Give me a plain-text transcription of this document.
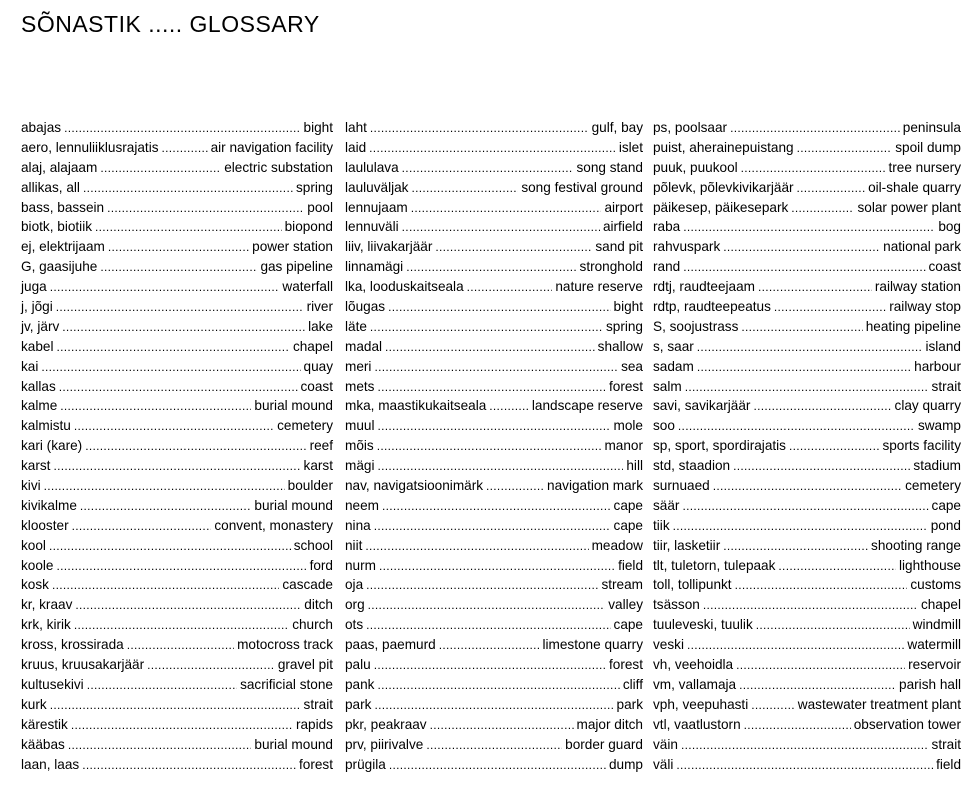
SÕNASTIK ..... GLOSSARY
abajas .....	bight
aero, lennuliiklusrajatis .....	air navigation facility
alaj, alajaam .....	electric substation
allikas, all .....	spring
bass, bassein .....	pool
biotk, biotiik .....	biopond
ej, elektrijaam .....	power station
G, gaasijuhe .....	gas pipeline
juga .....	waterfall
j, jõgi .....	river
jv, järv .....	lake
kabel .....	chapel
kai .....	quay
kallas .....	coast
kalme .....	burial mound
kalmistu .....	cemetery
kari (kare) .....	reef
karst .....	karst
kivi .....	boulder
kivikalme .....	burial mound
klooster .....	convent, monastery
kool .....	school
koole .....	ford
kosk .....	cascade
kr, kraav .....	ditch
krk, kirik .....	church
kross, krossirada .....	motocross track
kruus, kruusakarjäär .....	gravel pit
kultusekivi .....	sacrificial stone
kurk .....	strait
kärestik .....	rapids
kääbas .....	burial mound
laan, laas .....	forest
laht .....	gulf, bay
laid .....	islet
laululava .....	song stand
lauluväljak .....	song festival ground
lennujaam .....	airport
lennuväli .....	airfield
liiv, liivakarjäär .....	sand pit
linnamägi .....	stronghold
lka, looduskaitseala .....	nature reserve
lõugas .....	bight
läte .....	spring
madal .....	shallow
meri .....	sea
mets .....	forest
mka, maastikukaitseala .....	landscape reserve
muul .....	mole
mõis .....	manor
mägi .....	hill
nav, navigatsioonimärk .....	navigation mark
neem .....	cape
nina .....	cape
niit .....	meadow
nurm .....	field
oja .....	stream
org .....	valley
ots .....	cape
paas, paemurd .....	limestone quarry
palu .....	forest
pank .....	cliff
park .....	park
pkr, peakraav .....	major ditch
prv, piirivalve .....	border guard
prügila .....	dump
ps, poolsaar .....	peninsula
puist, aherainepuistang .....	spoil dump
puuk, puukool .....	tree nursery
põlevk, põlevkivikarjäär .....	oil-shale quarry
päikesep, päikesepark .....	solar power plant
raba .....	bog
rahvuspark .....	national park
rand .....	coast
rdtj, raudteejaam .....	railway station
rdtp, raudteepeatus .....	railway stop
S, soojustrass .....	heating pipeline
s, saar .....	island
sadam .....	harbour
salm .....	strait
savi, savikarjäär .....	clay quarry
soo .....	swamp
sp, sport, spordirajatis .....	sports facility
std, staadion .....	stadium
surnuaed .....	cemetery
säär .....	cape
tiik .....	pond
tiir, lasketiir .....	shooting range
tlt, tuletorn, tulepaak .....	lighthouse
toll, tollipunkt .....	customs
tsässon .....	chapel
tuuleveski, tuulik .....	windmill
veski .....	watermill
vh, veehoidla .....	reservoir
vm, vallamaja .....	parish hall
vph, veepuhasti .....	wastewater treatment plant
vtl, vaatlustorn .....	observation tower
väin .....	strait
väli .....	field
